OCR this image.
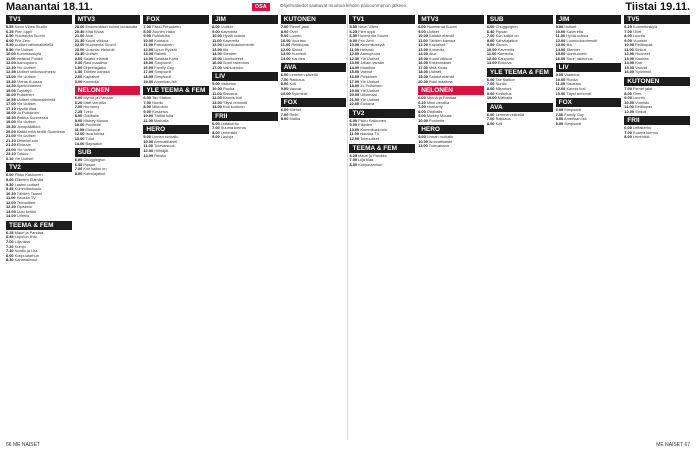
Maanantai 18.11.	OSA	Ohjelmatiedot saattavat muuttua lehden painoonmenon jälkeen.	Tiistai 19.11.
TV1
5.55 Neon Vibes Studio
6.25 Pien oppii
6.50 Huomenta Suomi
8.00 Prix Zero
9.30 Uutiset viittomakielellä
9.50 Yle Uutiset
10.00 Kummituskylä
11.00 Helsinki Poliisit
12.00 Aamupuuro
12.30 Yle Uutiset
12.55 Uutiset selkosuomeksi
13.00 Yle Uutiset
13.30 Vieras Kuussa
14.30 Ajankohtainen
15.00 Tuplatyö
16.00 Pulkkinen
16.55 Uutiset viittomakielellä
17.00 Yle Uutiset
17.10 Hyvää iltaa
18.00 Jo Pulkkinen
18.30 Paikka Suomessa
19.00 Yle Uutiset
19.30 Jonopäällikkö
20.00 Kaikki mitä tiedät Suomesta
21.00 Yle Uutiset
21.10 Urheiluruutu
21.20 Elokuva
23.00 Yle Uutiset
23.10 Totuus
0.10 Yle Uutiset
TV2
6.00 Pikku Kakkonen
9.00 Eläinten Elämää
9.30 Lasten uutiset
9.45 Kummituskoulu
10.30 Tähtien Tanssi
11.00 Hauska TV
12.00 Teleuutiset
12.30 Opiskelu
13.00 Uusi keittiö
14.00 Urheilu
TEEMA & FEM
6.25 Mauri ja Pandaa
6.45 Loputon lintu
7.00 Lilja tilaa
7.20 Kumpi
7.40 Nordic ja Ura
8.00 Kotipuutarhuri
8.30 Kanarialinnut
MTV3
20.00 Ensimmäiset kolme kuukautta
20.30 Mitä Kivaa
21.00 Alue
21.30 Kuusi viikkoa
22.00 Huomenta Suomi
23.00 Uusinta: Helsinki
23.30 Uutiset
0.00 Salatut elämät
0.30 Rasi maailma
1.00 Ohjelmajatko
1.30 Tähtien kanssa
2.00 Kapiaiset
3.00 Komedia
NELONEN
6.00 Myrnä ja Pandaa
6.20 Mikit vierailla
7.00 Hurriamy
7.25 Tvelo
8.00 Oddballs
9.00 Mickey Mouse
10.00 Punkette
11.00 Elokuvat
12.00 Isoa kuvaa
13.00 Tutut
14.00 Baywatch
SUB
6.00 Chuggington
6.40 Pipsan
7.00 Kun kaikki on
8.00 Kahvilajatkot
FOX
7.00 Passi Peruutettu
8.00 Juurien Haku
9.00 Rohkeutta
10.00 Kohtaus
11.00 Paholainen
12.00 Lipun Ryöstö
13.00 Raketti
14.00 Salaista Kotia
15.00 Simpsonit
16.00 Family Guy
17.00 Simpsonit
18.00 Simpsonit
19.00 Amerikan isä
YLE TEEMA & FEM
6.00 Tax Station
7.00 Nordic
8.00 Mikrofoni
9.00 Kosketus
10.00 Täältä tulla
11.00 Matkalla
HERO
9.00 Linnan ruokailu
10.00 Ammattilaiset
11.00 Tulevaisuus
12.00 Hiihtäjät
13.00 Reissu
JIM
8.00 Uutiset
9.00 Kavereita
10.00 Hyviä uutisia
11.00 Kavereita
12.00 Luontodokumentti
13.00 Ilta
14.00 Stenber
15.00 Uunituoreet
16.00 Suuri rakennus
17.00 Vaihtoehdot
LIV
9.00 Vaatetus
10.00 Ruoka
11.00 Sisustus
12.00 Kaunis koti
13.00 Täysi remontti
14.00 Koti kuntoon
FRII
6.00 Leffakerho
7.00 Kuuma kierros
8.00 Lemmikki
9.00 Lauluja
KUTONEN
7.00 Pienet jalat
8.00 Ovet
9.00 Luonto
10.00 Vuoristo
11.00 Reittiopas
12.00 Sinkut
13.00 Huoneet
14.00 Kauhea
AVA
6.00 Lemmen säveliä
7.00 Rakkaus
8.00 Koti
9.00 Vauvat
10.00 Syöminki
FOX
6.00 Miehet
7.00 Retki
8.00 Matka
TV1
5.55 Neon Vibes
6.25 Pien oppii
6.50 Huomenta Suomi
9.00 Prix Zero
10.00 Kummituskylä
11.00 Helsinki
12.00 Aamupuuro
12.30 Yle Uutiset
13.00 Jollain tavalla
14.00 Maailma
15.00 Vaimot
16.00 Pulkkinen
17.00 Yle Uutiset
18.00 Jo Pulkkinen
19.00 Yle Uutiset
20.00 Ulkomaat
21.00 Yle Uutiset
22.00 Elokuva
TV2
6.00 Pikku Kakkonen
9.00 Eläinten
10.00 Kummituskoulu
11.00 Hauska TV
12.00 Teleuutiset
TEEMA & FEM
6.25 Mauri ja Pandaa
7.00 Lilja tilaa
8.00 Kotipuutarhuri
MTV3
6.00 Huomenta Suomi
9.00 Uutiset
10.00 Salatut elämät
11.00 Tähtien kanssa
12.00 Kapiaiset
13.00 Komedia
14.00 Alue
15.00 Kuusi viikkoa
16.00 Ensimmäiset
17.00 Mitä Kivaa
18.00 Uutiset
19.00 Salatut elämät
20.00 Rasi maailma
NELONEN
6.00 Myrnä ja Pandaa
6.20 Mikit vierailla
7.00 Hurriamy
8.00 Oddballs
9.00 Mickey Mouse
10.00 Punkette
HERO
9.00 Linnan ruokailu
10.00 Ammattilaiset
11.00 Tulevaisuus
SUB
6.00 Chuggington
6.40 Pipsan
7.00 Kun kaikki on
8.00 Kahvilajatkot
9.00 Sitcom
10.00 Kavereita
11.00 Komedia
12.00 Kaupunki
13.00 Elokuva
YLE TEEMA & FEM
6.00 Tax Station
7.00 Nordic
8.00 Mikrofoni
9.00 Kosketus
10.00 Matkalla
AVA
6.00 Lemmen säveliä
7.00 Rakkaus
8.00 Koti
JIM
9.00 Uutiset
10.00 Kavereita
11.00 Hyviä uutisia
12.00 Luontodokumentti
13.00 Ilta
14.00 Stenber
15.00 Uunituoreet
16.00 Suuri rakennus
LIV
9.00 Vaatetus
10.00 Ruoka
11.00 Sisustus
12.00 Kaunis koti
13.00 Täysi remontti
FOX
6.00 Simpsonit
7.00 Family Guy
8.00 Amerikan isä
9.00 Simpsonit
TV5
6.25 Kummituskylä
7.00 Ovet
8.00 Luonto
9.00 Vuoristo
10.00 Reittiopas
11.00 Sinkut
12.00 Huoneet
13.00 Kauhea
14.00 Koti
15.00 Vauvat
16.00 Syöminki
KUTONEN
7.00 Pienet jalat
8.00 Ovet
9.00 Luonto
10.00 Vuoristo
11.00 Reittiopas
12.00 Sinkut
FRII
6.00 Leffakerho
7.00 Kuuma kierros
8.00 Lemmikki
66 ME NAISET	ME NAISET 67
